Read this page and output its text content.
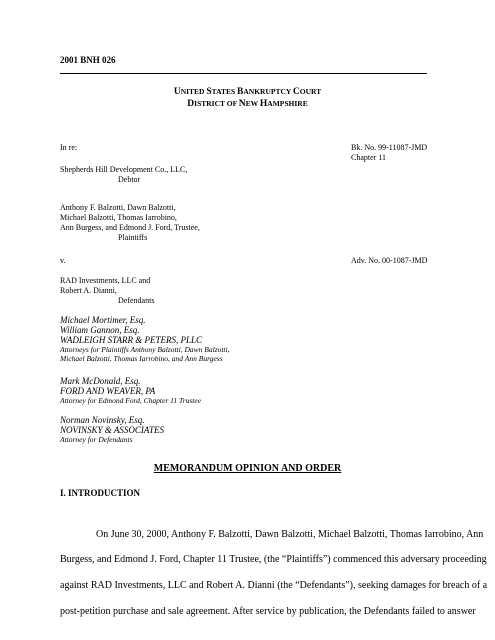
2001 BNH 026
UNITED STATES BANKRUPTCY COURT
DISTRICT OF NEW HAMPSHIRE
In re:
Shepherds Hill Development Co., LLC,
Debtor
Bk. No. 99-11087-JMD
Chapter 11
Anthony F. Balzotti, Dawn Balzotti,
Michael Balzotti, Thomas Iarrobino,
Ann Burgess, and Edmond J. Ford, Trustee,
Plaintiffs
v.	Adv. No. 00-1087-JMD
RAD Investments, LLC and
Robert A. Dianni,
Defendants
Michael Mortimer, Esq.
William Gannon, Esq.
WADLEIGH STARR & PETERS, PLLC
Attorneys for Plaintiffs Anthony Balzotti, Dawn Balzotti,
Michael Balzotti, Thomas Iarrobino, and Ann Burgess
Mark McDonald, Esq.
FORD AND WEAVER, PA
Attorney for Edmond Ford, Chapter 11 Trustee
Norman Novinsky, Esq.
NOVINSKY & ASSOCIATES
Attorney for Defendants
MEMORANDUM OPINION AND ORDER
I. INTRODUCTION
On June 30, 2000, Anthony F. Balzotti, Dawn Balzotti, Michael Balzotti, Thomas Iarrobino, Ann
Burgess, and Edmond J. Ford, Chapter 11 Trustee, (the “Plaintiffs”) commenced this adversary proceeding
against RAD Investments, LLC and Robert A. Dianni (the “Defendants”), seeking damages for breach of a
post-petition purchase and sale agreement. After service by publication, the Defendants failed to answer
